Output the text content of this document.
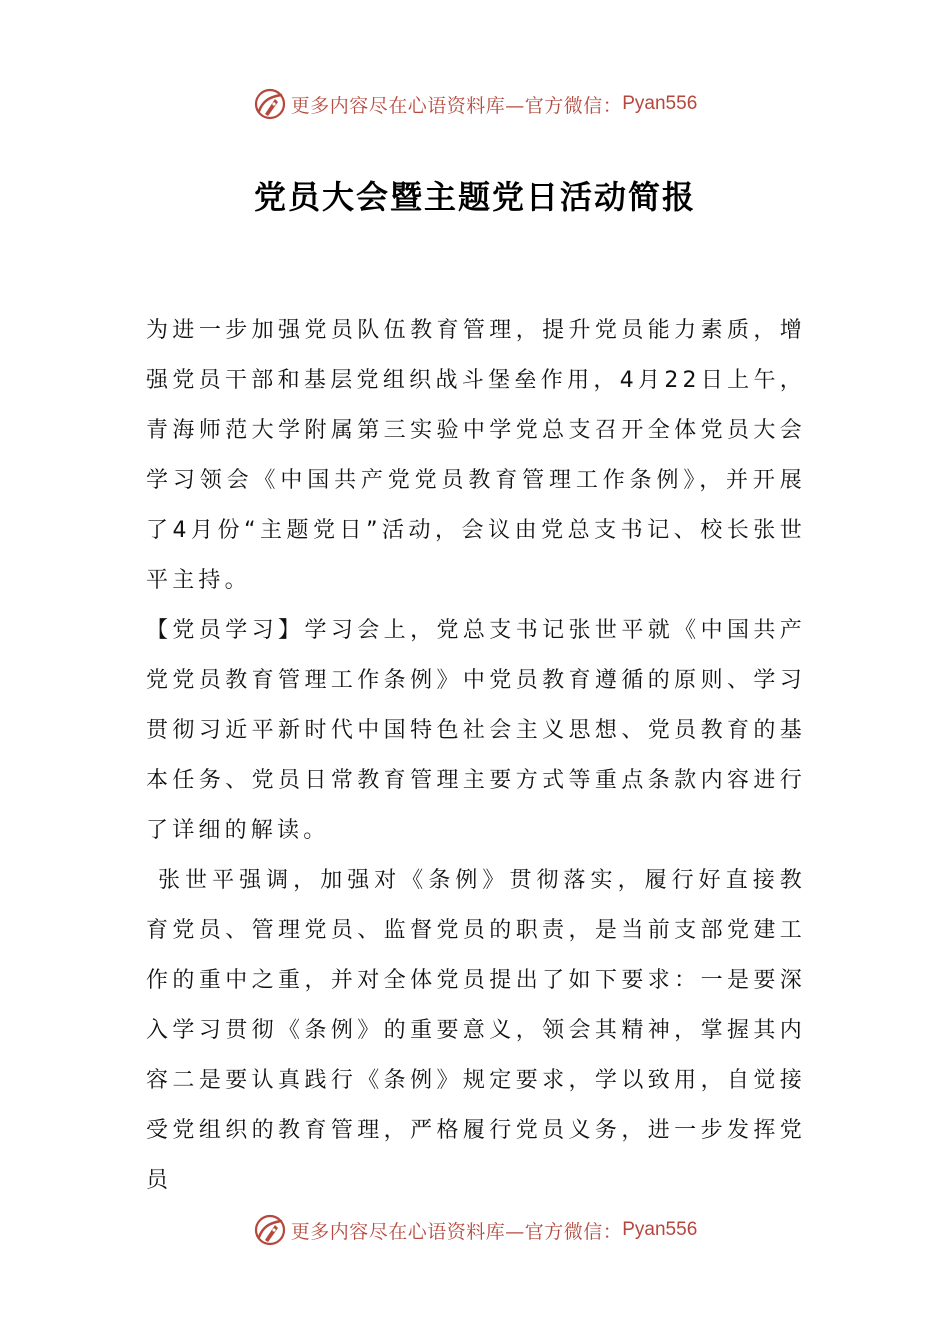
更多内容尽在心语资料库—官方微信： Pyan556
党员大会暨主题党日活动简报

为进一步加强党员队伍教育管理，提升党员能力素质，增强党员干部和基层党组织战斗堡垒作用，4月22日上午，青海师范大学附属第三实验中学党总支召开全体党员大会学习领会《中国共产党党员教育管理工作条例》，并开展了4月份“主题党日”活动，会议由党总支书记、校长张世平主持。

【党员学习】学习会上，党总支书记张世平就《中国共产党党员教育管理工作条例》中党员教育遵循的原则、学习贯彻习近平新时代中国特色社会主义思想、党员教育的基本任务、党员日常教育管理主要方式等重点条款内容进行了详细的解读。

张世平强调，加强对《条例》贯彻落实，履行好直接教育党员、管理党员、监督党员的职责，是当前支部党建工作的重中之重，并对全体党员提出了如下要求：一是要深入学习贯彻《条例》的重要意义，领会其精神，掌握其内容二是要认真践行《条例》规定要求，学以致用，自觉接受党组织的教育管理，严格履行党员义务，进一步发挥党员

更多内容尽在心语资料库—官方微信： Pyan556
